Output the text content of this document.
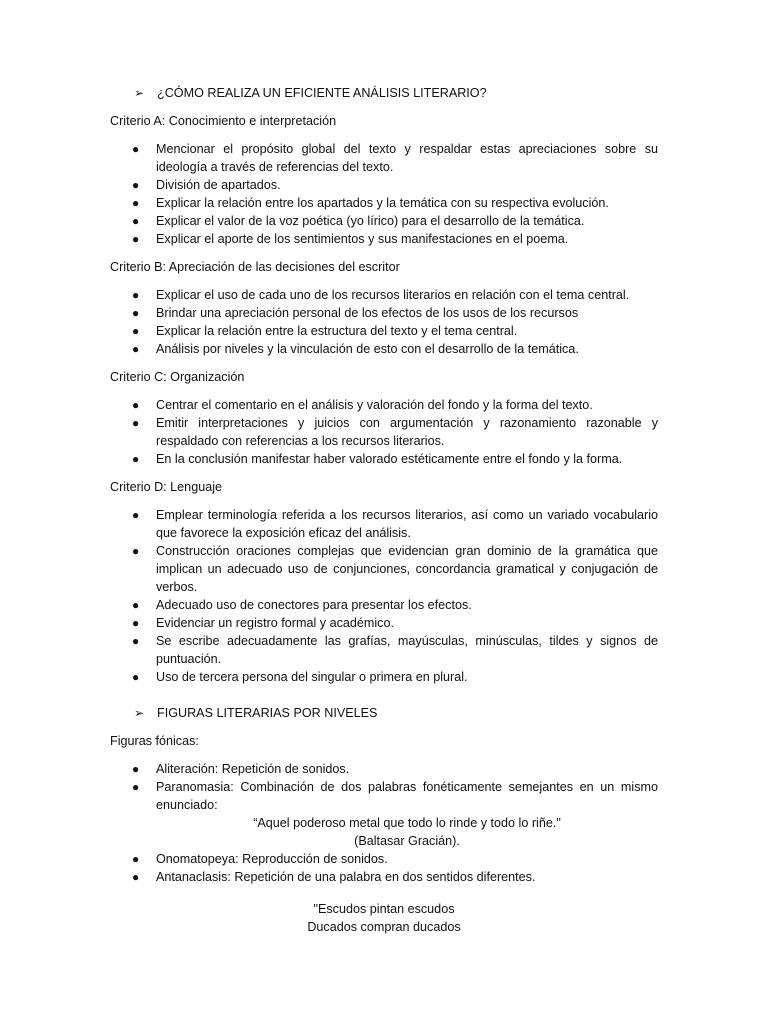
➢ ¿CÓMO REALIZA UN EFICIENTE ANÁLISIS LITERARIO?
Criterio A: Conocimiento e interpretación
● Mencionar el propósito global del texto y respaldar estas apreciaciones sobre su ideología a través de referencias del texto.
● División de apartados.
● Explicar la relación entre los apartados y la temática con su respectiva evolución.
● Explicar el valor de la voz poética (yo lírico) para el desarrollo de la temática.
● Explicar el aporte de los sentimientos y sus manifestaciones en el poema.
Criterio B: Apreciación de las decisiones del escritor
● Explicar el uso de cada uno de los recursos literarios en relación con el tema central.
● Brindar una apreciación personal de los efectos de los usos de los recursos
● Explicar la relación entre la estructura del texto y el tema central.
● Análisis por niveles y la vinculación de esto con el desarrollo de la temática.
Criterio C: Organización
● Centrar el comentario en el análisis y valoración del fondo y la forma del texto.
● Emitir interpretaciones y juicios con argumentación y razonamiento razonable y respaldado con referencias a los recursos literarios.
● En la conclusión manifestar haber valorado estéticamente entre el fondo y la forma.
Criterio D: Lenguaje
● Emplear terminología referida a los recursos literarios, así como un variado vocabulario que favorece la exposición eficaz del análisis.
● Construcción oraciones complejas que evidencian gran dominio de la gramática que implican un adecuado uso de conjunciones, concordancia gramatical y conjugación de verbos.
● Adecuado uso de conectores para presentar los efectos.
● Evidenciar un registro formal y académico.
● Se escribe adecuadamente las grafías, mayúsculas, minúsculas, tildes y signos de puntuación.
● Uso de tercera persona del singular o primera en plural.
➢ FIGURAS LITERARIAS POR NIVELES
Figuras fónicas:
● Aliteración: Repetición de sonidos.
● Paranomasia: Combinación de dos palabras fonéticamente semejantes en un mismo enunciado:
“Aquel poderoso metal que todo lo rinde y todo lo riñe."
(Baltasar Gracián).
● Onomatopeya: Reproducción de sonidos.
● Antanaclasis: Repetición de una palabra en dos sentidos diferentes.
"Escudos pintan escudos
Ducados compran ducados
